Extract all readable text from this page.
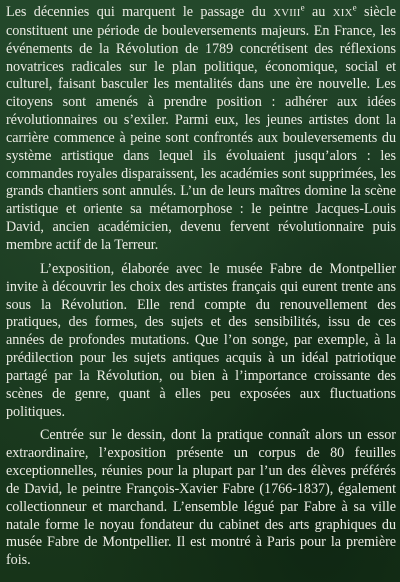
Les décennies qui marquent le passage du XVIIIe au XIXe siècle constituent une période de bouleversements majeurs. En France, les événements de la Révolution de 1789 concrétisent des réflexions novatrices radicales sur le plan politique, économique, social et culturel, faisant basculer les mentalités dans une ère nouvelle. Les citoyens sont amenés à prendre position : adhérer aux idées révolutionnaires ou s’exiler. Parmi eux, les jeunes artistes dont la carrière commence à peine sont confrontés aux bouleversements du système artistique dans lequel ils évoluaient jusqu’alors : les commandes royales disparaissent, les académies sont supprimées, les grands chantiers sont annulés. L’un de leurs maîtres domine la scène artistique et oriente sa métamorphose : le peintre Jacques-Louis David, ancien académicien, devenu fervent révolutionnaire puis membre actif de la Terreur.

L’exposition, élaborée avec le musée Fabre de Montpellier invite à découvrir les choix des artistes français qui eurent trente ans sous la Révolution. Elle rend compte du renouvellement des pratiques, des formes, des sujets et des sensibilités, issu de ces années de profondes mutations. Que l’on songe, par exemple, à la prédilection pour les sujets antiques acquis à un idéal patriotique partagé par la Révolution, ou bien à l’importance croissante des scènes de genre, quant à elles peu exposées aux fluctuations politiques.

Centrée sur le dessin, dont la pratique connaît alors un essor extraordinaire, l’exposition présente un corpus de 80 feuilles exceptionnelles, réunies pour la plupart par l’un des élèves préférés de David, le peintre François-Xavier Fabre (1766-1837), également collectionneur et marchand. L’ensemble légué par Fabre à sa ville natale forme le noyau fondateur du cabinet des arts graphiques du musée Fabre de Montpellier. Il est montré à Paris pour la première fois.
